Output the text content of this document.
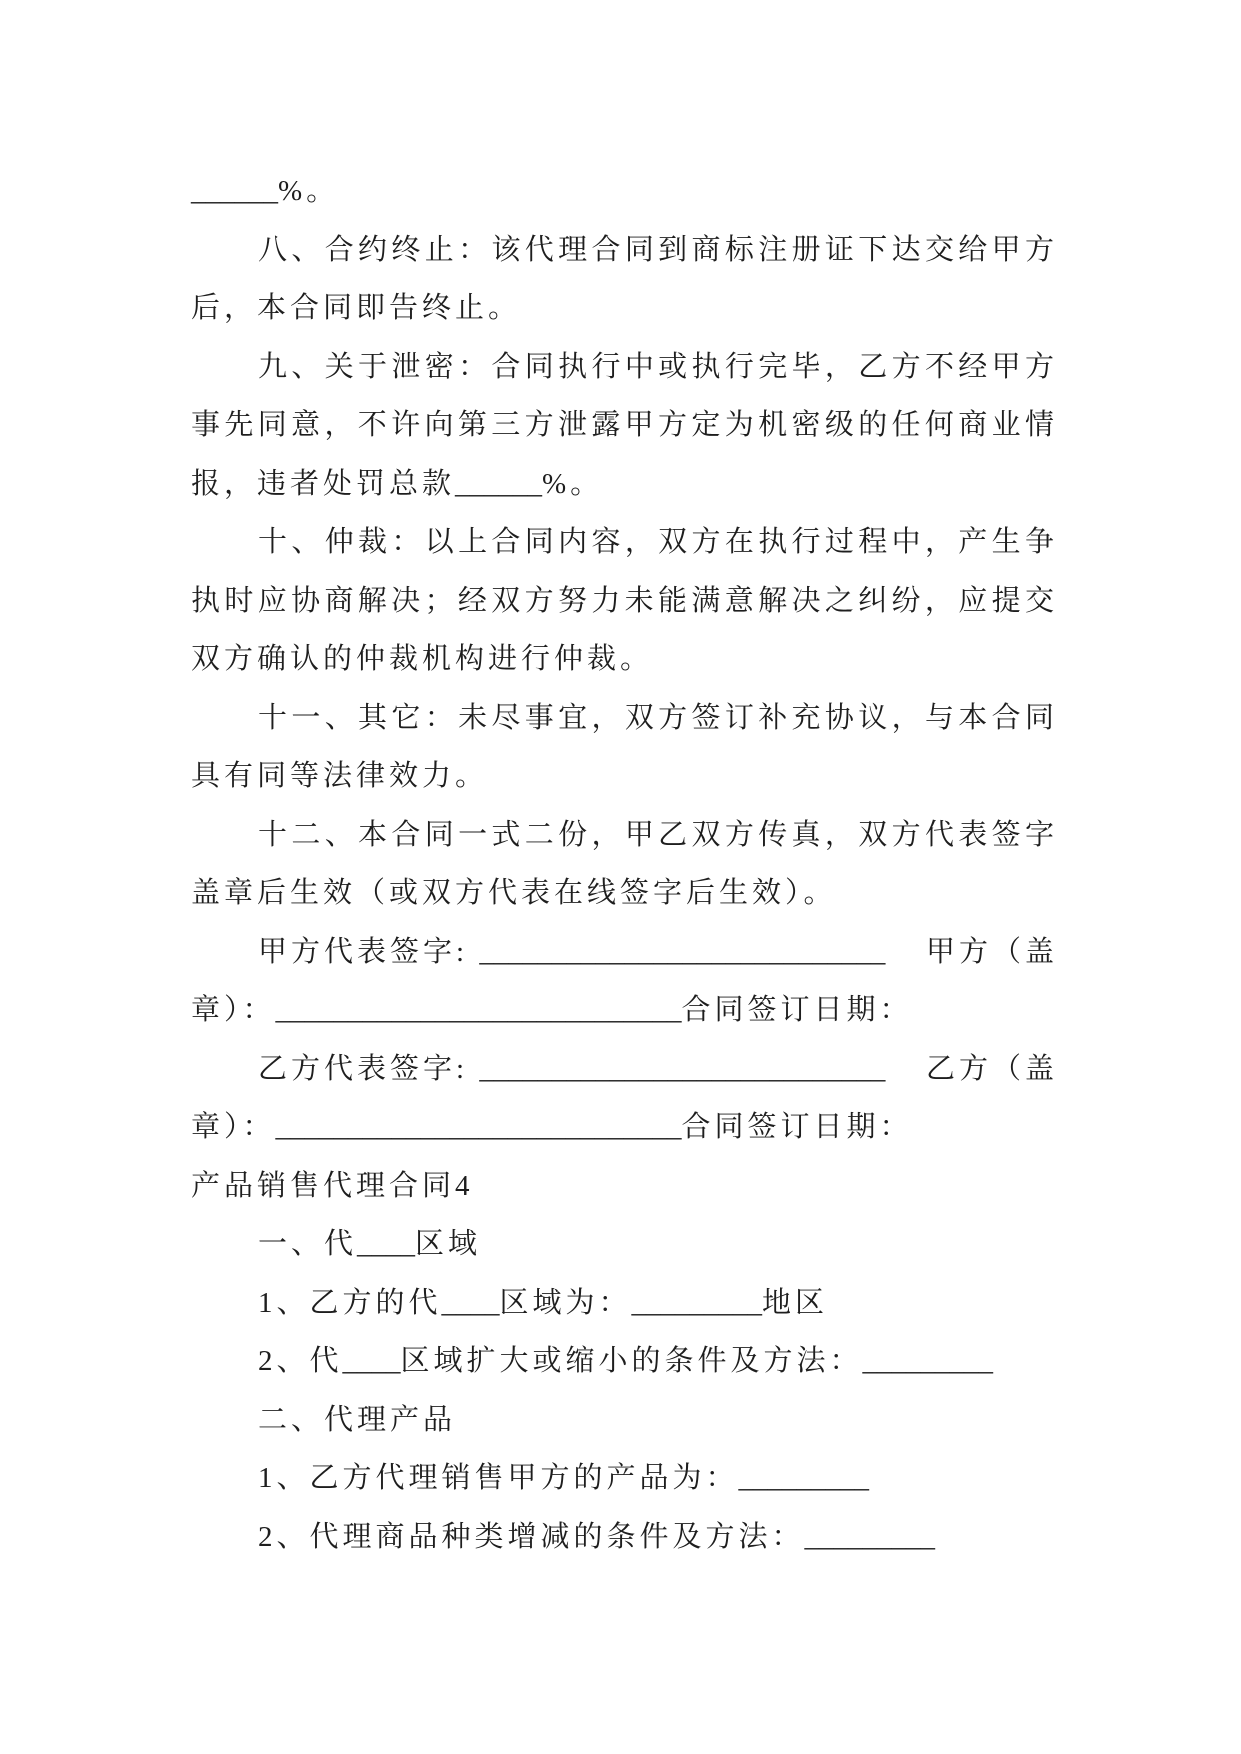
______%。
八、合约终止：该代理合同到商标注册证下达交给甲方
后，本合同即告终止。
九、关于泄密：合同执行中或执行完毕，乙方不经甲方
事先同意，不许向第三方泄露甲方定为机密级的任何商业情
报，违者处罚总款______%。
十、仲裁：以上合同内容，双方在执行过程中，产生争
执时应协商解决；经双方努力未能满意解决之纠纷，应提交
双方确认的仲裁机构进行仲裁。
十一、其它：未尽事宜，双方签订补充协议，与本合同
具有同等法律效力。
十二、本合同一式二份，甲乙双方传真，双方代表签字
盖章后生效（或双方代表在线签字后生效）。
甲方代表签字: ____________________________ 甲方（盖
章）：____________________________合同签订日期：
乙方代表签字: ____________________________ 乙方（盖
章）：____________________________合同签订日期：
产品销售代理合同4
一、代____区域
1、乙方的代____区域为：_________地区
2、代____区域扩大或缩小的条件及方法：_________
二、代理产品
1、乙方代理销售甲方的产品为：_________
2、代理商品种类增减的条件及方法：_________
